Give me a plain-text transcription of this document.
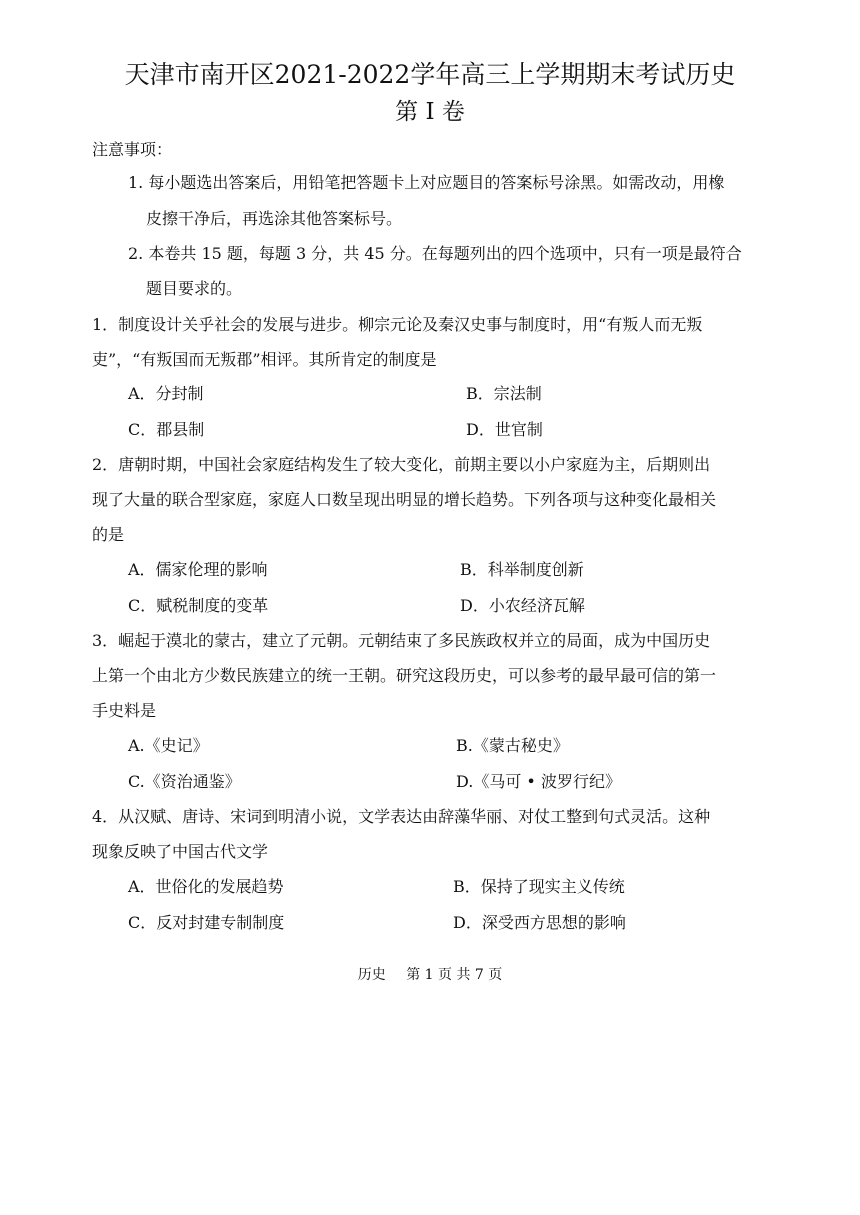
天津市南开区2021-2022学年高三上学期期末考试历史
第 I 卷
注意事项：
1. 每小题选出答案后，用铅笔把答题卡上对应题目的答案标号涂黑。如需改动，用橡
皮擦干净后，再选涂其他答案标号。
2. 本卷共 15 题，每题 3 分，共 45 分。在每题列出的四个选项中，只有一项是最符合
题目要求的。
1．制度设计关乎社会的发展与进步。柳宗元论及秦汉史事与制度时，用“有叛人而无叛
吏”，“有叛国而无叛郡”相评。其所肯定的制度是
A．分封制	B．宗法制
C．郡县制	D．世官制
2．唐朝时期，中国社会家庭结构发生了较大变化，前期主要以小户家庭为主，后期则出
现了大量的联合型家庭，家庭人口数呈现出明显的增长趋势。下列各项与这种变化最相关
的是
A．儒家伦理的影响	B．科举制度创新
C．赋税制度的变革	D．小农经济瓦解
3．崛起于漠北的蒙古，建立了元朝。元朝结束了多民族政权并立的局面，成为中国历史
上第一个由北方少数民族建立的统一王朝。研究这段历史，可以参考的最早最可信的第一
手史料是
A.《史记》	B.《蒙古秘史》
C.《资治通鉴》	D.《马可 • 波罗行纪》
4．从汉赋、唐诗、宋词到明清小说，文学表达由辞藻华丽、对仗工整到句式灵活。这种
现象反映了中国古代文学
A．世俗化的发展趋势	B．保持了现实主义传统
C．反对封建专制制度	D．深受西方思想的影响
历史 第 1 页 共 7 页
